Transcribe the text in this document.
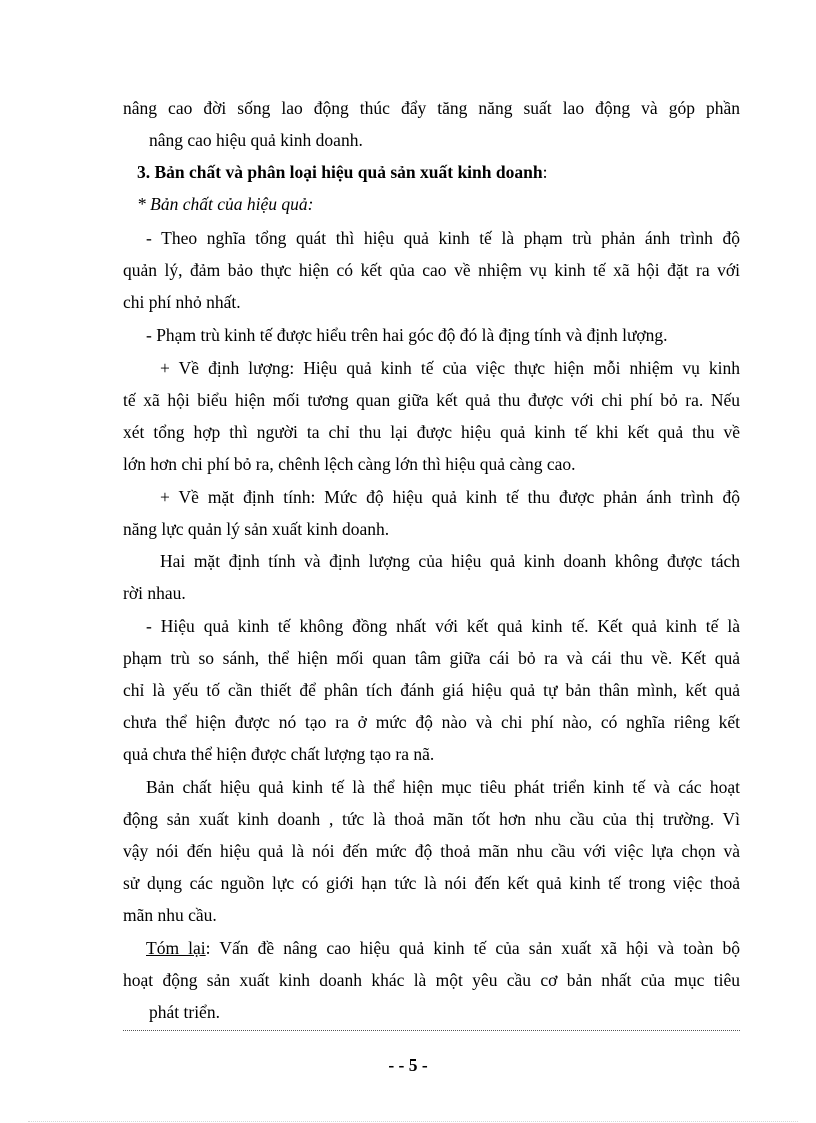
nâng cao đời sống lao động thúc đẩy tăng năng suất lao động và góp phần
nâng cao hiệu quả kinh doanh.
3. Bản chất và phân loại hiệu quả sản xuất kinh doanh:
* Bản chất của hiệu quả:
- Theo nghĩa tổng quát thì hiệu quả kinh tế là phạm trù phản ánh trình độ
quản lý, đảm bảo thực hiện có kết qủa cao về nhiệm vụ kinh tế xã hội đặt ra với
chi phí nhỏ nhất.
- Phạm trù kinh tế được hiểu trên hai góc độ đó là địng tính và định lượng.
+ Về định lượng: Hiệu quả kinh tế của việc thực hiện mỗi nhiệm vụ kinh
tế xã hội biểu hiện mối tương quan giữa kết quả thu được với chi phí bỏ ra. Nếu
xét tổng hợp thì người ta chỉ thu lại được hiệu quả kinh tế khi kết quả thu về
lớn hơn chi phí bỏ ra, chênh lệch càng lớn thì hiệu quả càng cao.
+ Về mặt định tính: Mức độ hiệu quả kinh tế thu được phản ánh trình độ
năng lực quản lý sản xuất kinh doanh.
Hai mặt định tính và định lượng của hiệu quả kinh doanh không được tách
rời nhau.
- Hiệu quả kinh tế không đồng nhất với kết quả kinh tế. Kết quả kinh tế là
phạm trù so sánh, thể hiện mối quan tâm giữa cái bỏ ra và cái thu về. Kết quả
chỉ là yếu tố cần thiết để phân tích đánh giá hiệu quả tự bản thân mình, kết quả
chưa thể hiện được nó tạo ra ở mức độ nào và chi phí nào, có nghĩa riêng kết
quả chưa thể hiện được chất lượng tạo ra nã.
Bản chất hiệu quả kinh tế là thể hiện mục tiêu phát triển kinh tế và các hoạt
động sản xuất kinh doanh , tức là thoả mãn tốt hơn nhu cầu của thị trường. Vì
vậy nói đến hiệu quả là nói đến mức độ thoả mãn nhu cầu với việc lựa chọn và
sử dụng các nguồn lực có giới hạn tức là nói đến kết quả kinh tế trong việc thoả
mãn nhu cầu.
Tóm lại: Vấn đề nâng cao hiệu quả kinh tế của sản xuất xã hội và toàn bộ
hoạt động sản xuất kinh doanh khác là một yêu cầu cơ bản nhất của mục tiêu
phát triển.
- - 5 -
